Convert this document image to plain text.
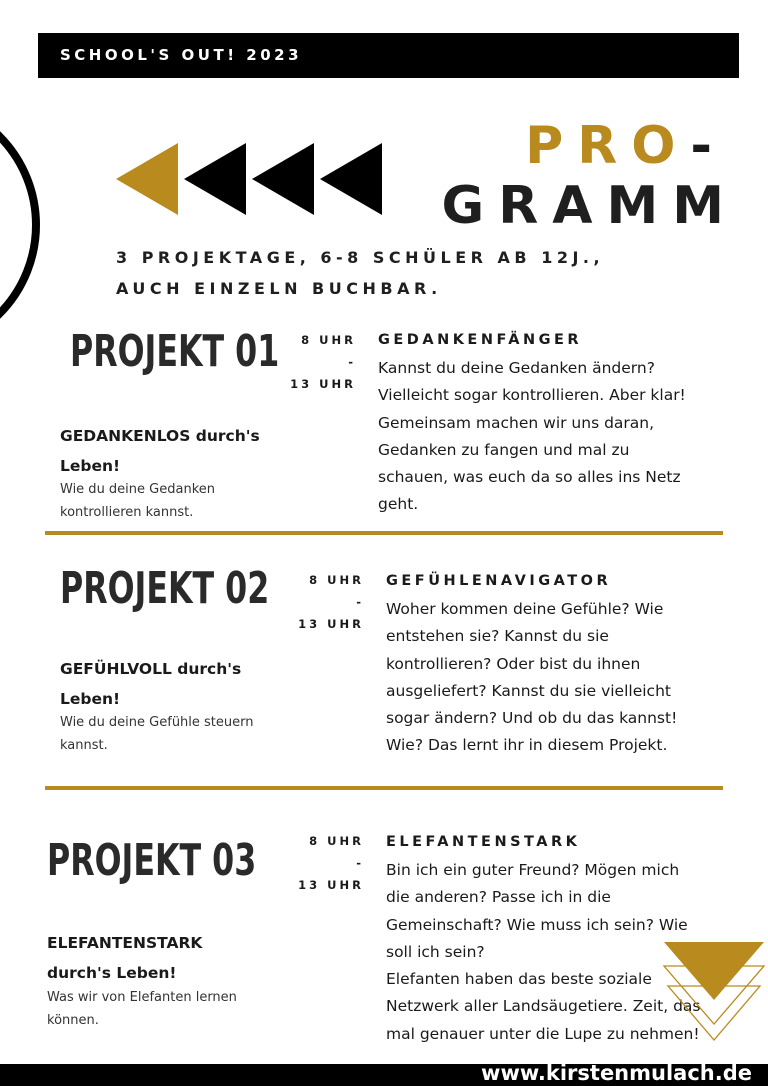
SCHOOL'S OUT! 2023
PRO-
GRAMM
3 PROJEKTAGE, 6-8 SCHÜLER AB 12J.,
AUCH EINZELN BUCHBAR.
PROJEKT 01
GEDANKENLOS durch's
Leben!
Wie du deine Gedanken
kontrollieren kannst.
8 UHR
-
13 UHR
GEDANKENFÄNGER
Kannst du deine Gedanken ändern?
Vielleicht sogar kontrollieren. Aber klar!
Gemeinsam machen wir uns daran,
Gedanken zu fangen und mal zu
schauen, was euch da so alles ins Netz
geht.
PROJEKT 02
GEFÜHLVOLL durch's
Leben!
Wie du deine Gefühle steuern
kannst.
8 UHR
-
13 UHR
GEFÜHLENAVIGATOR
Woher kommen deine Gefühle? Wie
entstehen sie? Kannst du sie
kontrollieren? Oder bist du ihnen
ausgeliefert? Kannst du sie vielleicht
sogar ändern? Und ob du das kannst!
Wie? Das lernt ihr in diesem Projekt.
PROJEKT 03
ELEFANTENSTARK
durch's Leben!
Was wir von Elefanten lernen
können.
8 UHR
-
13 UHR
ELEFANTENSTARK
Bin ich ein guter Freund? Mögen mich
die anderen? Passe ich in die
Gemeinschaft? Wie muss ich sein? Wie
soll ich sein?
Elefanten haben das beste soziale
Netzwerk aller Landsäugetiere. Zeit, das
mal genauer unter die Lupe zu nehmen!
www.kirstenmulach.de
